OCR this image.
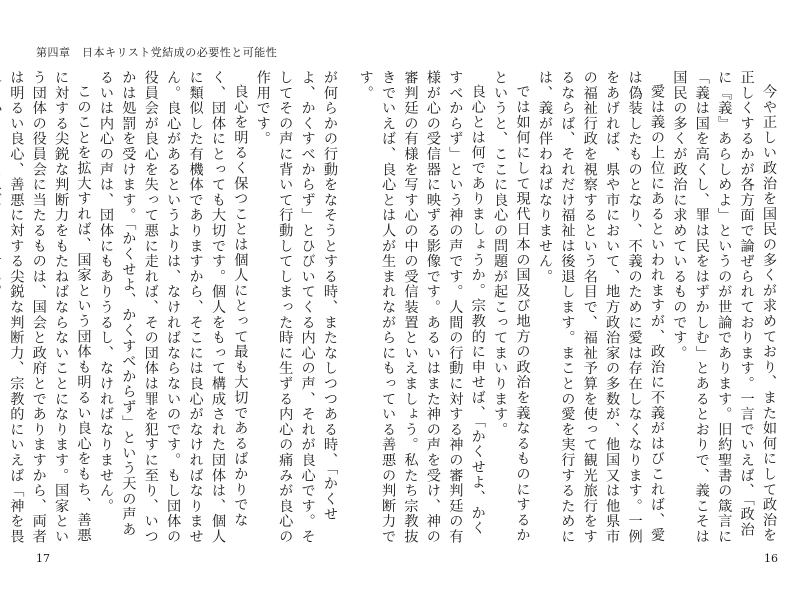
第四章　日本キリスト党結成の必要性と可能性

が何らかの行動をなそうとする時、またなしつつある時、「かくせよ、かくすべからず」とひびいてくる内心の声、それが良心です。そしてその声に背いて行動してしまった時に生ずる内心の痛みが良心の作用です。

良心を明るく保つことは個人にとって最も大切であるばかりでなく、団体にとっても大切です。個人をもって構成された団体は、個人に類似した有機体でありますから、そこには良心がなければなりません。良心があるというよりは、なければならないのです。もし団体の役員会が良心を失って悪に走れば、その団体は罪を犯すに至り、いつかは処罰を受けます。「かくせよ、かくすべからず」という天の声あるいは内心の声は、団体にもありうるし、なければなりません。

このことを拡大すれば、国家という団体も明るい良心をもち、善悪に対する尖鋭な判断力をもたねばならないことになります。国家という団体の役員会に当たるものは、国会と政府とでありますから、両者は明るい良心、善悪に対する尖鋭な判断力、宗教的にいえば「神を畏

17

今や正しい政治を国民の多くが求めており、また如何にして政治を正しくするかが各方面で論ぜられております。一言でいえば、「政治に『義』あらしめよ」というのが世論であります。旧約聖書の箴言に「義は国を高くし、罪は民をはずかしむ」とあるとおりで、義こそは国民の多くが政治に求めているものです。

愛は義の上位にあるといわれますが、政治に不義がはびこれば、愛は偽装したものとなり、不義のために愛は存在しなくなります。一例をあげれば、県や市において、地方政治家の多数が、他国又は他県市の福祉行政を視察するという名目で、福祉予算を使って観光旅行をするならば、それだけ福祉は後退します。まことの愛を実行するためには、義が伴わねばなりません。

では如何にして現代日本の国及び地方の政治を義なるものにするかというと、ここに良心の問題が起こってまいります。

良心とは何でありましょうか。宗教的に申せば、「かくせよ、かくすべからず」という神の声です。人間の行動に対する神の審判廷の有様が心の受信器に映ずる影像です。あるいはまた神の声を受け、神の審判廷の有様を写す心の中の受信装置といえましょう。私たち宗教抜きでいえば、良心とは人が生まれながらにもっている善悪の判断力です。

16
